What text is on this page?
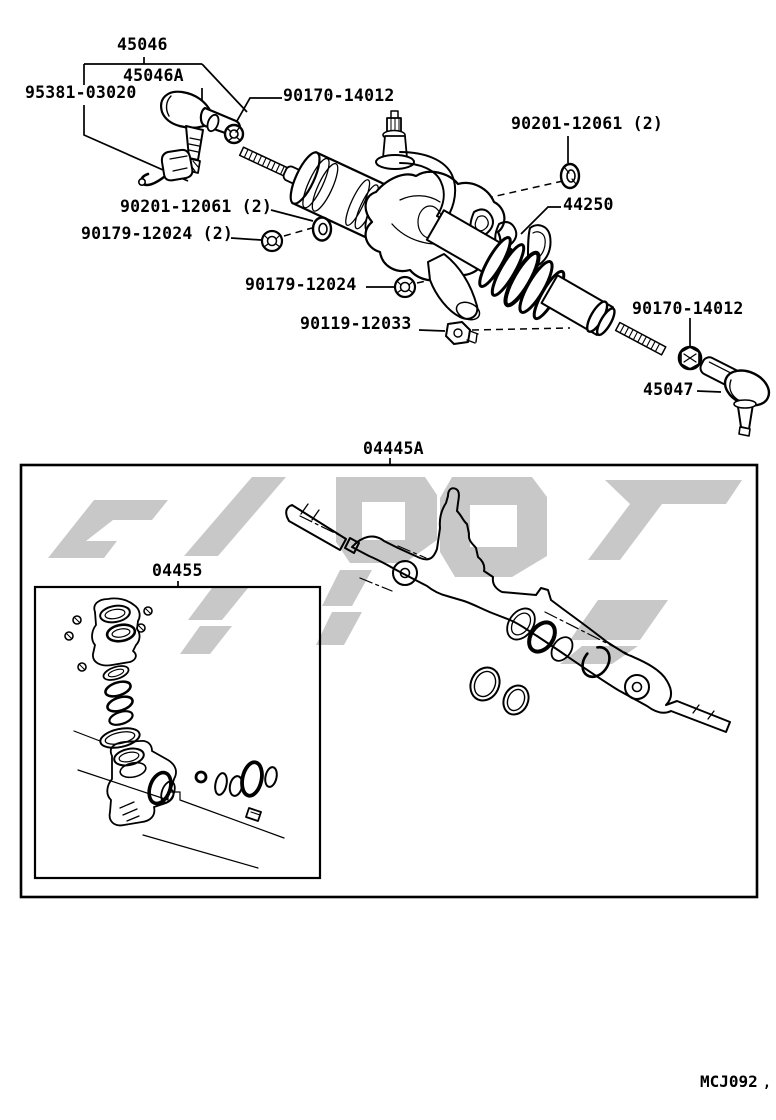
45046
45046A
95381-03020	90170-14012
90201-12061 (2)
44250
90201-12061 (2)
90179-12024 (2)
90179-12024
90119-12033
90170-14012
45047
04445A
04455
MCJ092 ,
